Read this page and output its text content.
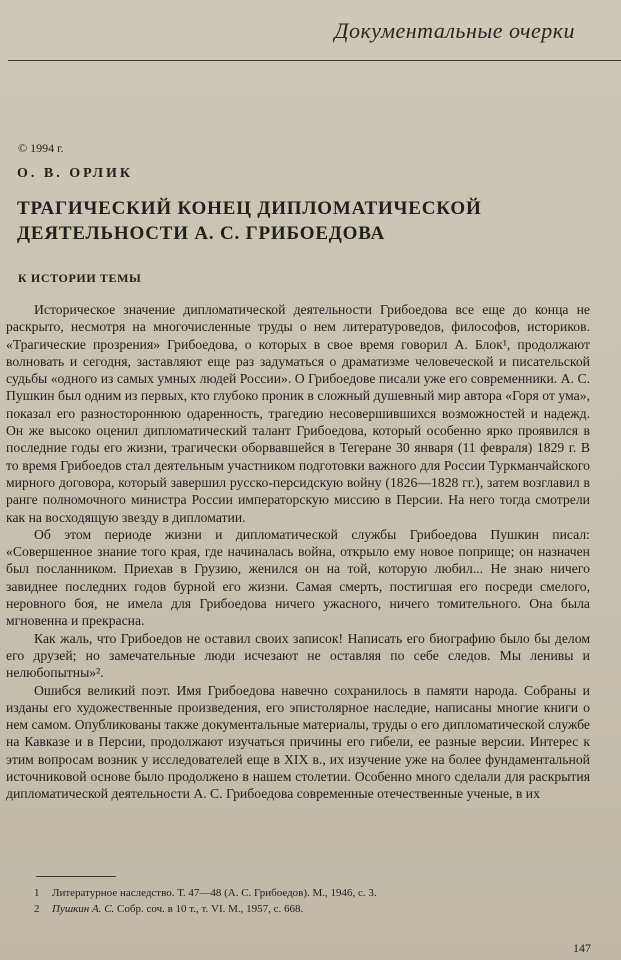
Документальные очерки
© 1994 г.
О. В. ОРЛИК
ТРАГИЧЕСКИЙ КОНЕЦ ДИПЛОМАТИЧЕСКОЙ ДЕЯТЕЛЬНОСТИ А. С. ГРИБОЕДОВА
К ИСТОРИИ ТЕМЫ

Историческое значение дипломатической деятельности Грибоедова все еще до конца не раскрыто, несмотря на многочисленные труды о нем литературоведов, философов, историков. «Трагические прозрения» Грибоедова, о которых в свое время говорил А. Блок¹, продолжают волновать и сегодня, заставляют еще раз задуматься о драматизме человеческой и писательской судьбы «одного из самых умных людей России». О Грибоедове писали уже его современники. А. С. Пушкин был одним из первых, кто глубоко проник в сложный душевный мир автора «Горя от ума», показал его разностороннюю одаренность, трагедию несовершившихся возможностей и надежд. Он же высоко оценил дипломатический талант Грибоедова, который особенно ярко проявился в последние годы его жизни, трагически оборвавшейся в Тегеране 30 января (11 февраля) 1829 г. В то время Грибоедов стал деятельным участником подготовки важного для России Туркманчайского мирного договора, который завершил русско-персидскую войну (1826—1828 гг.), затем возглавил в ранге полномочного министра России императорскую миссию в Персии. На него тогда смотрели как на восходящую звезду в дипломатии.

Об этом периоде жизни и дипломатической службы Грибоедова Пушкин писал: «Совершенное знание того края, где начиналась война, открыло ему новое поприще; он назначен был посланником. Приехав в Грузию, женился он на той, которую любил... Не знаю ничего завиднее последних годов бурной его жизни. Самая смерть, постигшая его посреди смелого, неровного боя, не имела для Грибоедова ничего ужасного, ничего томительного. Она была мгновенна и прекрасна.

Как жаль, что Грибоедов не оставил своих записок! Написать его биографию было бы делом его друзей; но замечательные люди исчезают не оставляя по себе следов. Мы ленивы и нелюбопытны»².

Ошибся великий поэт. Имя Грибоедова навечно сохранилось в памяти народа. Собраны и изданы его художественные произведения, его эпистолярное наследие, написаны многие книги о нем самом. Опубликованы также документальные материалы, труды о его дипломатической службе на Кавказе и в Персии, продолжают изучаться причины его гибели, ее разные версии. Интерес к этим вопросам возник у исследователей еще в XIX в., их изучение уже на более фундаментальной источниковой основе было продолжено в нашем столетии. Особенно много сделали для раскрытия дипломатической деятельности А. С. Грибоедова современные отечественные ученые, в их

1 Литературное наследство. Т. 47—48 (А. С. Грибоедов). М., 1946, с. 3.
2 Пушкин А. С. Собр. соч. в 10 т., т. VI. М., 1957, с. 668.
147
